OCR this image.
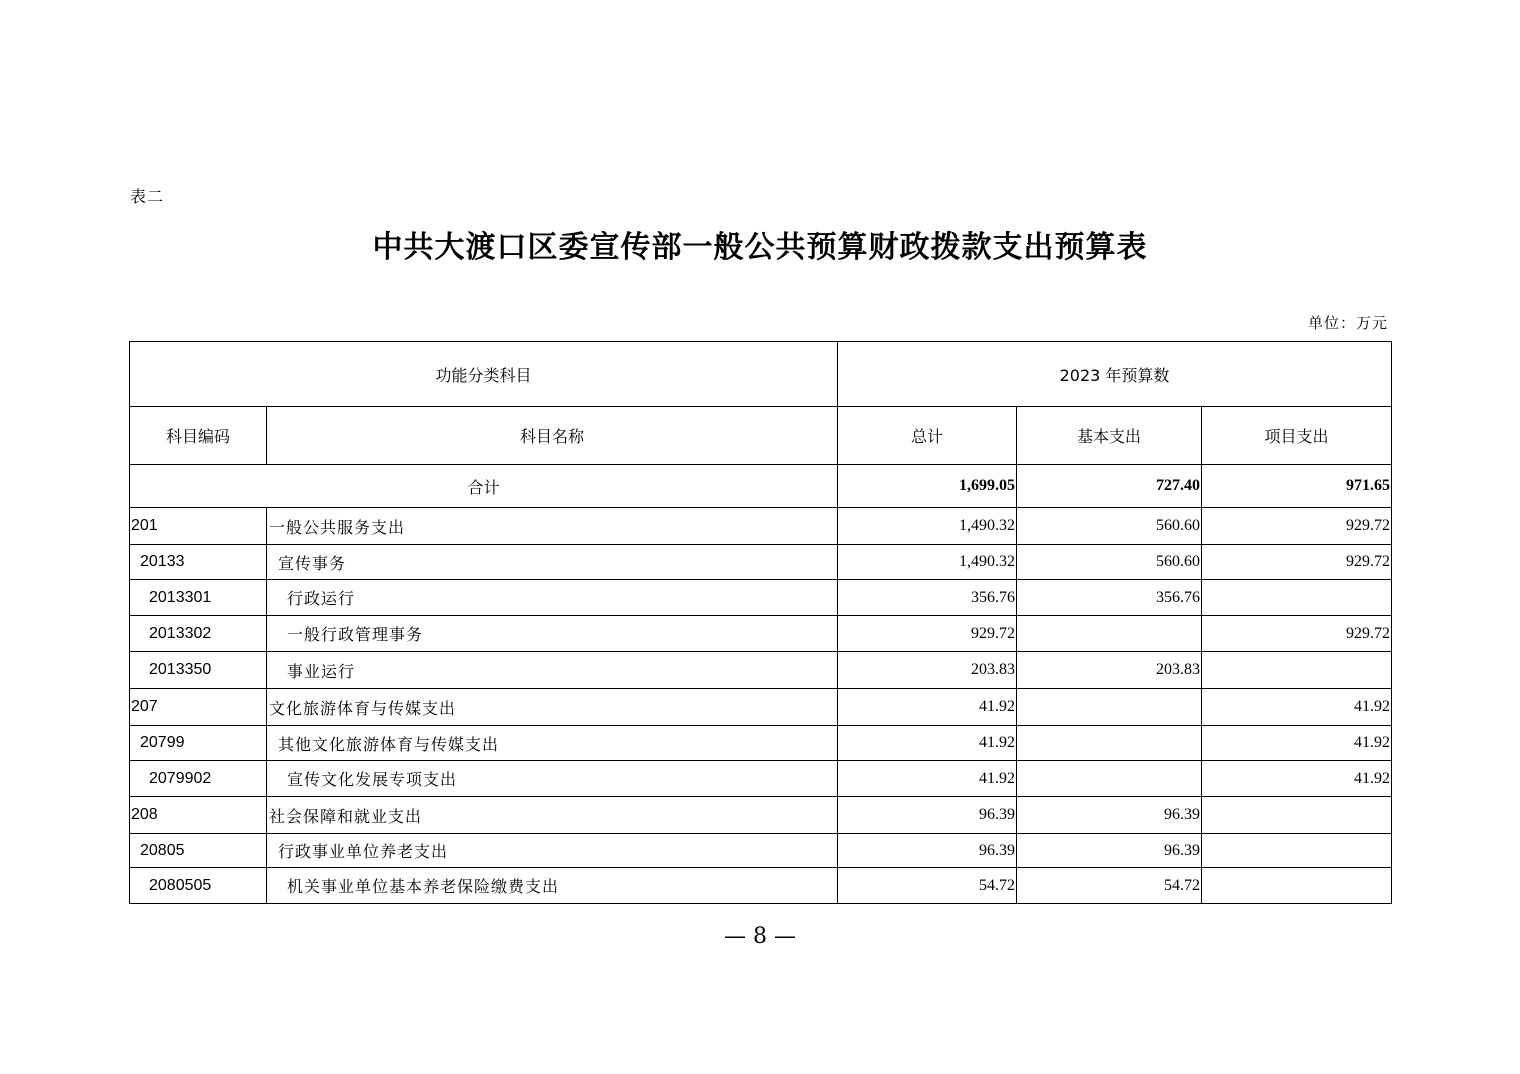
表二
中共大渡口区委宣传部一般公共预算财政拨款支出预算表
单位：万元
功能分类科目		2023 年预算数		
科目编码	科目名称	总计	基本支出	项目支出
合计		1,699.05	727.40	971.65
201	一般公共服务支出	1,490.32	560.60	929.72
20133	宣传事务	1,490.32	560.60	929.72
2013301	行政运行	356.76	356.76	
2013302	一般行政管理事务	929.72		929.72
2013350	事业运行	203.83	203.83	
207	文化旅游体育与传媒支出	41.92		41.92
20799	其他文化旅游体育与传媒支出	41.92		41.92
2079902	宣传文化发展专项支出	41.92		41.92
208	社会保障和就业支出	96.39	96.39	
20805	行政事业单位养老支出	96.39	96.39	
2080505	机关事业单位基本养老保险缴费支出	54.72	54.72	
— 8 —
